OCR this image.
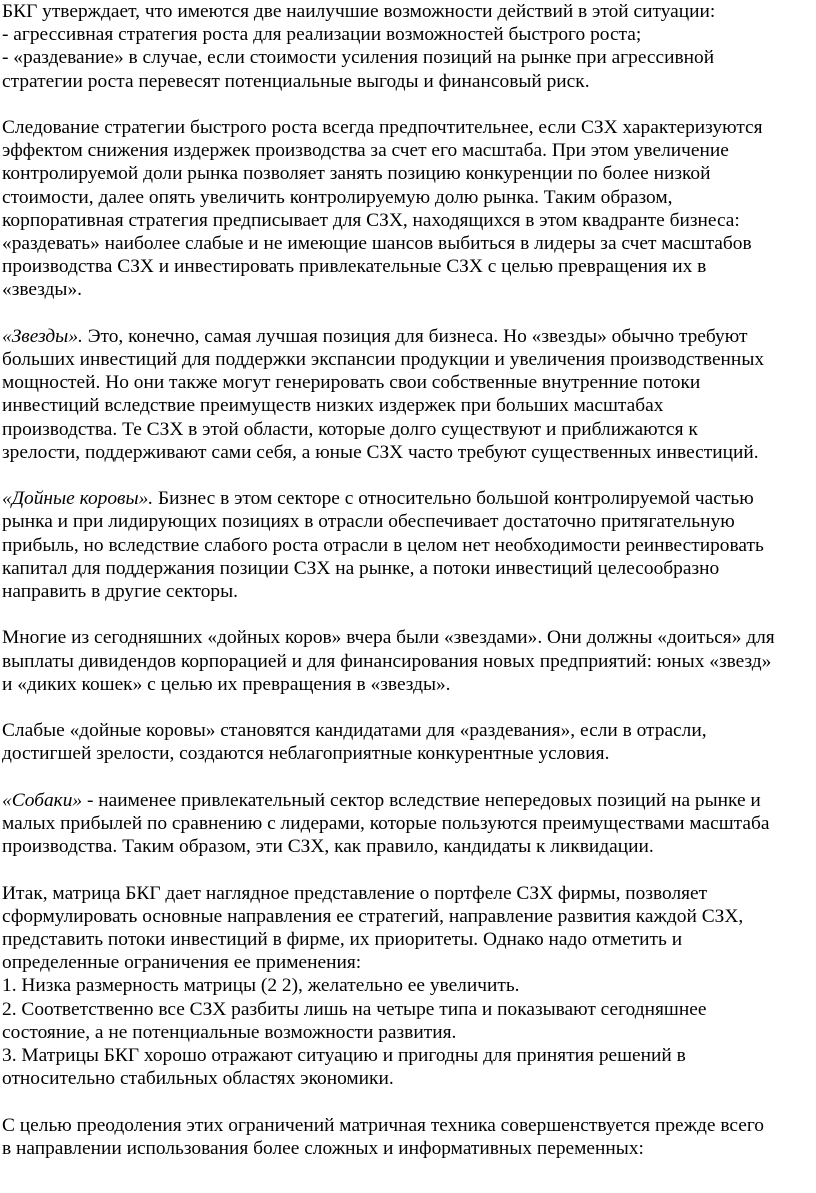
БКГ утверждает, что имеются две наилучшие возможности действий в этой ситуации:
- агрессивная стратегия роста для реализации возможностей быстрого роста;
- «раздевание» в случае, если стоимости усиления позиций на рынке при агрессивной
стратегии роста перевесят потенциальные выгоды и финансовый риск.
Следование стратегии быстрого роста всегда предпочтительнее, если СЗХ характеризуются
эффектом снижения издержек производства за счет его масштаба. При этом увеличение
контролируемой доли рынка позволяет занять позицию конкуренции по более низкой
стоимости, далее опять увеличить контролируемую долю рынка. Таким образом,
корпоративная стратегия предписывает для СЗХ, находящихся в этом квадранте бизнеса:
«раздевать» наиболее слабые и не имеющие шансов выбиться в лидеры за счет масштабов
производства СЗХ и инвестировать привлекательные СЗХ с целью превращения их в
«звезды».
«Звезды». Это, конечно, самая лучшая позиция для бизнеса. Но «звезды» обычно требуют
больших инвестиций для поддержки экспансии продукции и увеличения производственных
мощностей. Но они также могут генерировать свои собственные внутренние потоки
инвестиций вследствие преимуществ низких издержек при больших масштабах
производства. Те СЗХ в этой области, которые долго существуют и приближаются к
зрелости, поддерживают сами себя, а юные СЗХ часто требуют существенных инвестиций.
«Дойные коровы». Бизнес в этом секторе с относительно большой контролируемой частью
рынка и при лидирующих позициях в отрасли обеспечивает достаточно притягательную
прибыль, но вследствие слабого роста отрасли в целом нет необходимости реинвестировать
капитал для поддержания позиции СЗХ на рынке, а потоки инвестиций целесообразно
направить в другие секторы.
Многие из сегодняшних «дойных коров» вчера были «звездами». Они должны «доиться» для
выплаты дивидендов корпорацией и для финансирования новых предприятий: юных «звезд»
и «диких кошек» с целью их превращения в «звезды».
Слабые «дойные коровы» становятся кандидатами для «раздевания», если в отрасли,
достигшей зрелости, создаются неблагоприятные конкурентные условия.
«Собаки» - наименее привлекательный сектор вследствие непередовых позиций на рынке и
малых прибылей по сравнению с лидерами, которые пользуются преимуществами масштаба
производства. Таким образом, эти СЗХ, как правило, кандидаты к ликвидации.
Итак, матрица БКГ дает наглядное представление о портфеле СЗХ фирмы, позволяет
сформулировать основные направления ее стратегий, направление развития каждой СЗХ,
представить потоки инвестиций в фирме, их приоритеты. Однако надо отметить и
определенные ограничения ее применения:
1. Низка размерность матрицы (2 2), желательно ее увеличить.
2. Соответственно все СЗХ разбиты лишь на четыре типа и показывают сегодняшнее
состояние, а не потенциальные возможности развития.
3. Матрицы БКГ хорошо отражают ситуацию и пригодны для принятия решений в
относительно стабильных областях экономики.
С целью преодоления этих ограничений матричная техника совершенствуется прежде всего
в направлении использования более сложных и информативных переменных:
